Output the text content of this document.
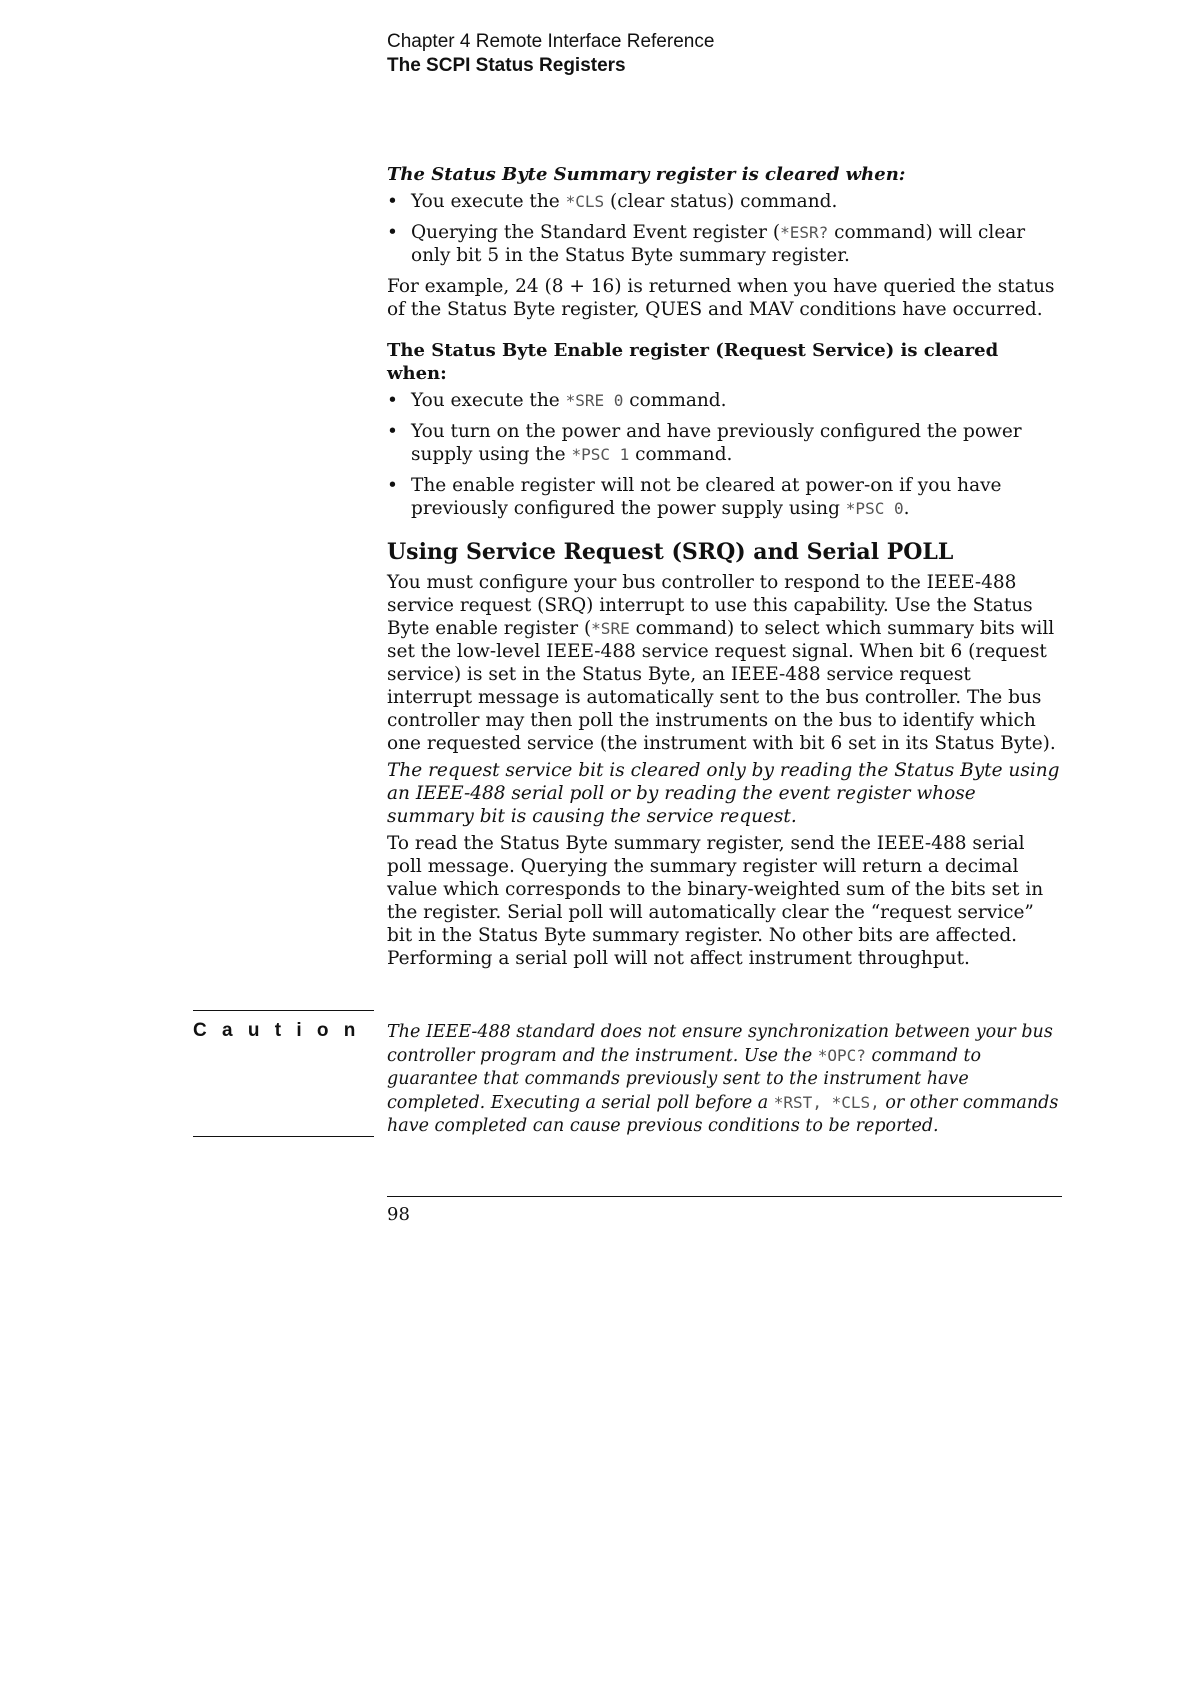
Chapter 4 Remote Interface Reference
The SCPI Status Registers

The Status Byte Summary register is cleared when:

• You execute the *CLS (clear status) command.
• Querying the Standard Event register (*ESR? command) will clear only bit 5 in the Status Byte summary register.

For example, 24 (8 + 16) is returned when you have queried the status of the Status Byte register, QUES and MAV conditions have occurred.

The Status Byte Enable register (Request Service) is cleared when:

• You execute the *SRE 0 command.
• You turn on the power and have previously configured the power supply using the *PSC 1 command.
• The enable register will not be cleared at power-on if you have previously configured the power supply using *PSC 0.
Using Service Request (SRQ) and Serial POLL

You must configure your bus controller to respond to the IEEE-488 service request (SRQ) interrupt to use this capability. Use the Status Byte enable register (*SRE command) to select which summary bits will set the low-level IEEE-488 service request signal. When bit 6 (request service) is set in the Status Byte, an IEEE-488 service request interrupt message is automatically sent to the bus controller. The bus controller may then poll the instruments on the bus to identify which one requested service (the instrument with bit 6 set in its Status Byte).

The request service bit is cleared only by reading the Status Byte using an IEEE-488 serial poll or by reading the event register whose summary bit is causing the service request.

To read the Status Byte summary register, send the IEEE-488 serial poll message. Querying the summary register will return a decimal value which corresponds to the binary-weighted sum of the bits set in the register. Serial poll will automatically clear the “request service” bit in the Status Byte summary register. No other bits are affected. Performing a serial poll will not affect instrument throughput.

C a u t i o n The IEEE-488 standard does not ensure synchronization between your bus controller program and the instrument. Use the *OPC? command to guarantee that commands previously sent to the instrument have completed. Executing a serial poll before a *RST, *CLS, or other commands have completed can cause previous conditions to be reported.
98
